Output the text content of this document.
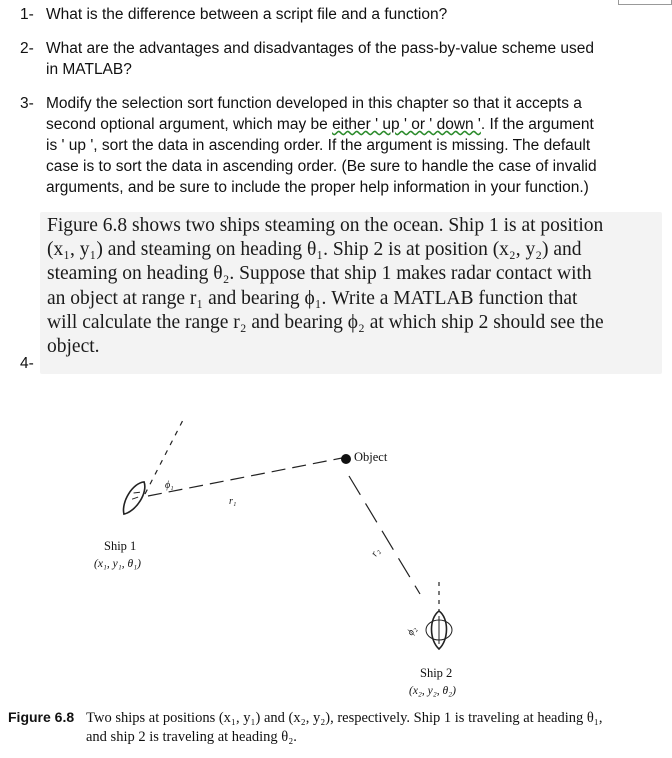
1- What is the difference between a script file and a function?
2- What are the advantages and disadvantages of the pass-by-value scheme used
in MATLAB?
3- Modify the selection sort function developed in this chapter so that it accepts a
second optional argument, which may be either ' up ' or ' down '. If the argument
is ' up ', sort the data in ascending order. If the argument is missing. The default
case is to sort the data in ascending order. (Be sure to handle the case of invalid
arguments, and be sure to include the proper help information in your function.)
Figure 6.8 shows two ships steaming on the ocean. Ship 1 is at position
(x₁, y₁) and steaming on heading θ₁. Ship 2 is at position (x₂, y₂) and
steaming on heading θ₂. Suppose that ship 1 makes radar contact with
an object at range r₁ and bearing ϕ₁. Write a MATLAB function that
will calculate the range r₂ and bearing ϕ₂ at which ship 2 should see the
object.
4-
Object
ϕ₁
r₁
r₂
ϕ₂
Ship 1
(x₁, y₁, θ₁)
Ship 2
(x₂, y₂, θ₂)
Figure 6.8 Two ships at positions (x₁, y₁) and (x₂, y₂), respectively. Ship 1 is traveling at heading θ₁,
and ship 2 is traveling at heading θ₂.
